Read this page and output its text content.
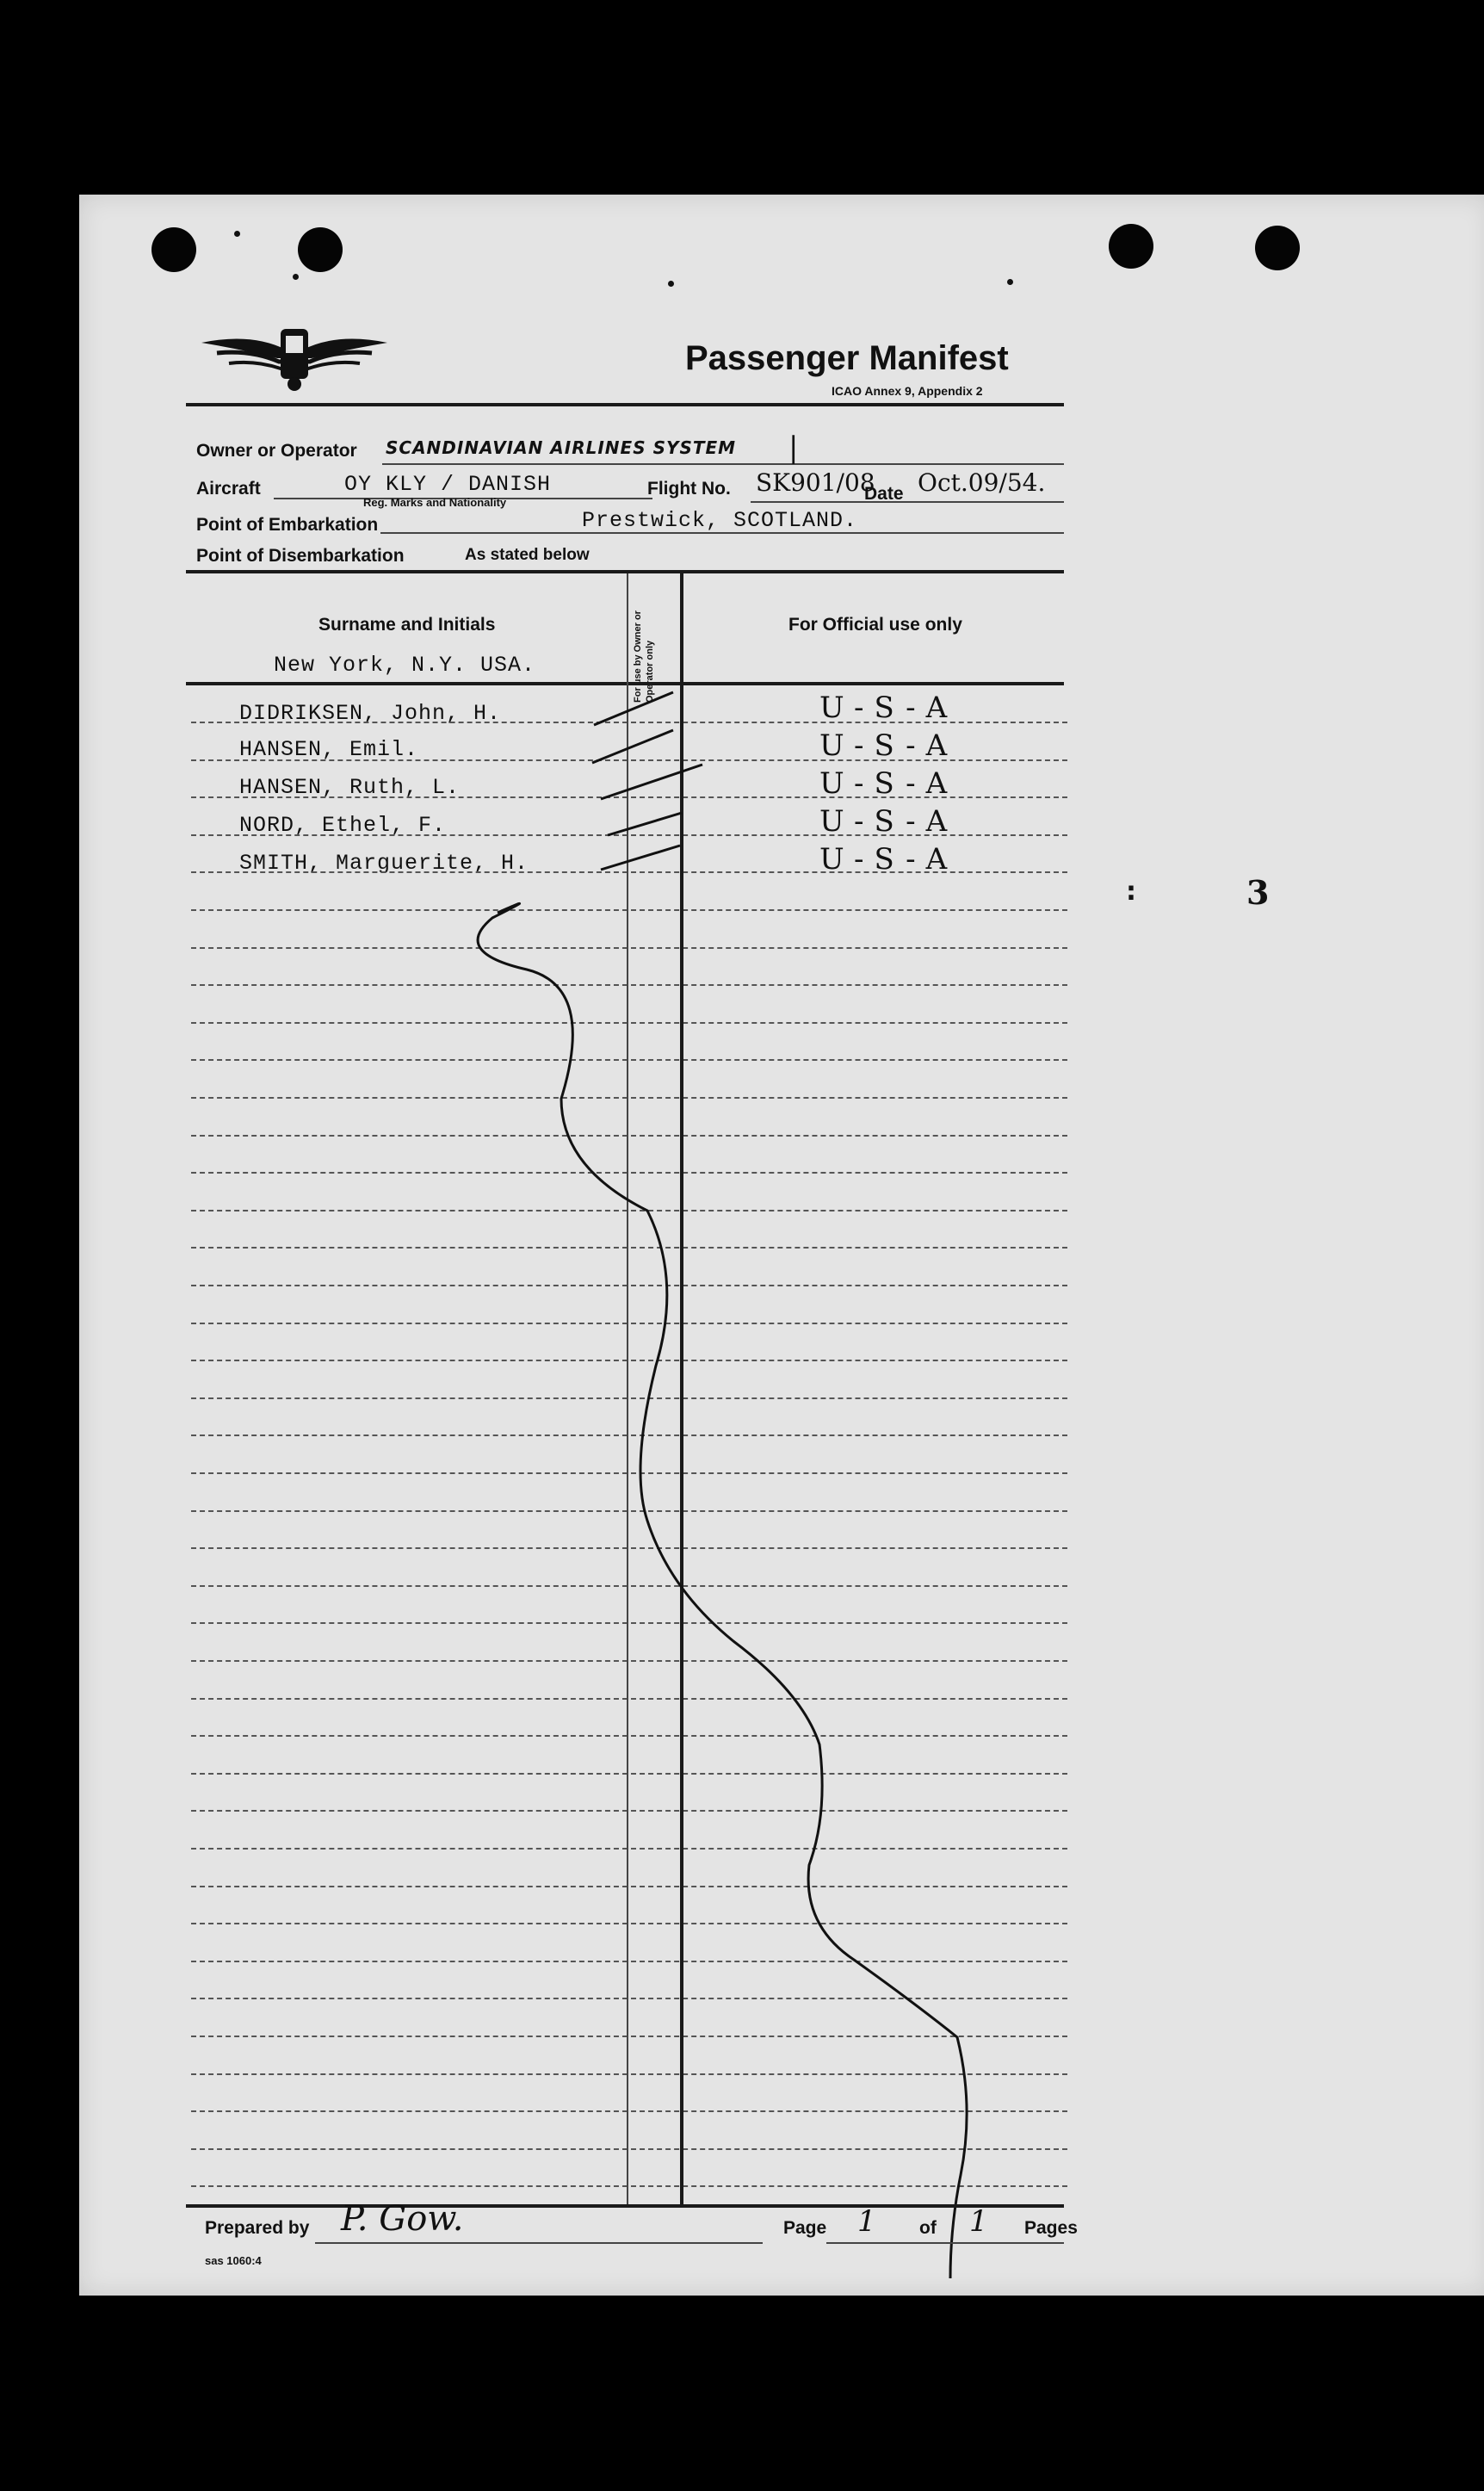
Passenger Manifest
ICAO Annex 9, Appendix 2
Owner or Operator SCANDINAVIAN AIRLINES SYSTEM |
Aircraft	OY KLY / DANISH
Reg. Marks and Nationality
Flight No. SK901/08
Date Oct.09/54.
Point of Embarkation	Prestwick, SCOTLAND.
Point of Disembarkation	As stated below
Surname and Initials	For use by Owner or Operator only
For Official use only
New York, N.Y. USA.
DIDRIKSEN, John, H.	U-S-A
HANSEN, Emil.	U-S-A
HANSEN, Ruth, L.	U-S-A
NORD, Ethel, F.	U-S-A
SMITH, Marguerite, H.	U-S-A
Prepared by P. Gow.	Page 1 of 1 Pages
sas 1060:4
3
:
